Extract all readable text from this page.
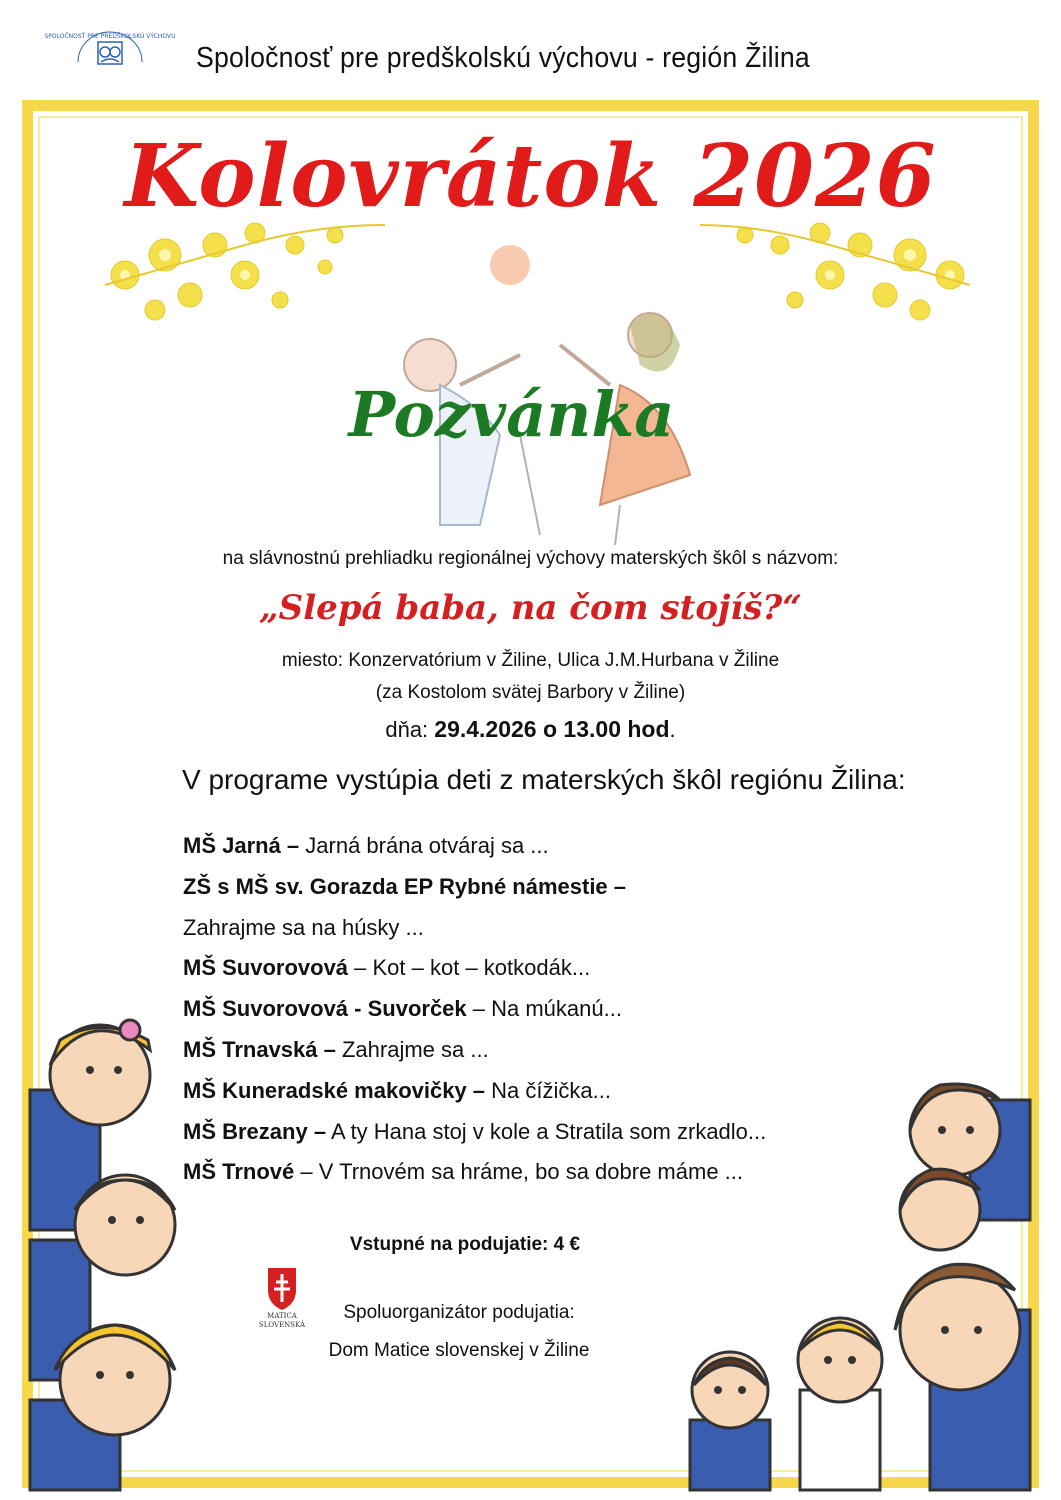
SPOLOČNOSŤ PRE PREDŠKOLSKÚ VÝCHOVU
Spoločnosť pre predškolskú výchovu - región Žilina
Kolovrátok 2026
Pozvánka
na slávnostnú prehliadku regionálnej výchovy materských škôl s názvom:
„Slepá baba, na čom stojíš?“
miesto: Konzervatórium v Žiline, Ulica J.M.Hurbana v Žiline
(za Kostolom svätej Barbory v Žiline)
dňa: 29.4.2026 o 13.00 hod.
V programe vystúpia deti z materských škôl regiónu Žilina:
MŠ Jarná – Jarná brána otváraj sa ...
ZŠ s MŠ sv. Gorazda EP Rybné námestie –
Zahrajme sa na húsky ...
MŠ Suvorovová – Kot – kot – kotkodák...
MŠ Suvorovová - Suvorček – Na múkanú...
MŠ Trnavská – Zahrajme sa ...
MŠ Kuneradské makovičky – Na čížička...
MŠ Brezany – A ty Hana stoj v kole a Stratila som zrkadlo...
MŠ Trnové – V Trnovém sa hráme, bo sa dobre máme ...
Vstupné na podujatie: 4 €
MATICA
SLOVENSKÁ
Spoluorganizátor podujatia:
Dom Matice slovenskej v Žiline
